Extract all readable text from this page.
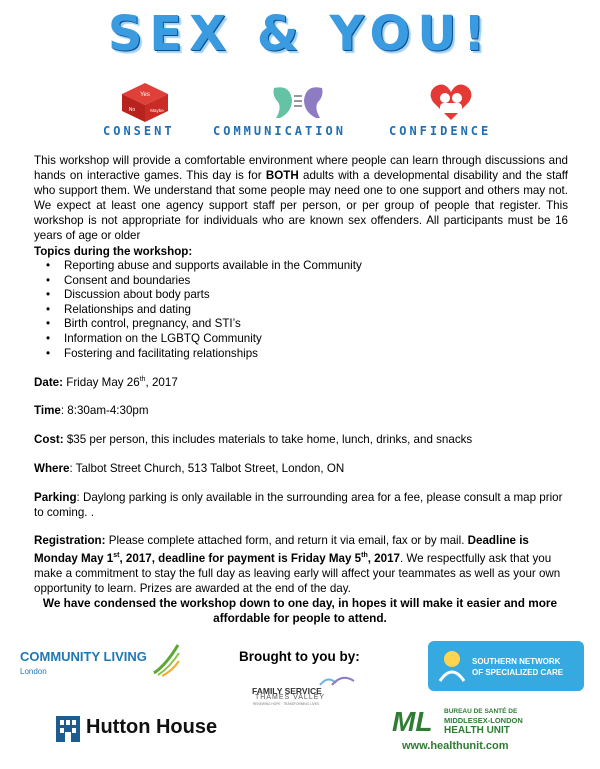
SEX & YOU!
Yes
No	Maybe
CONSENT	COMMUNICATION	CONFIDENCE
This workshop will provide a comfortable environment where people can learn through discussions and hands on interactive games. This day is for BOTH adults with a developmental disability and the staff who support them. We understand that some people may need one to one support and others may not. We expect at least one agency support staff per person, or per group of people that register. This workshop is not appropriate for individuals who are known sex offenders. All participants must be 16 years of age or older
Topics during the workshop:
• Reporting abuse and supports available in the Community
• Consent and boundaries
• Discussion about body parts
• Relationships and dating
• Birth control, pregnancy, and STI’s
• Information on the LGBTQ Community
• Fostering and facilitating relationships
Date: Friday May 26th, 2017
Time: 8:30am-4:30pm
Cost: $35 per person, this includes materials to take home, lunch, drinks, and snacks
Where: Talbot Street Church, 513 Talbot Street, London, ON
Parking: Daylong parking is only available in the surrounding area for a fee, please consult a map prior to coming. .
Registration: Please complete attached form, and return it via email, fax or by mail. Deadline is Monday May 1st, 2017, deadline for payment is Friday May 5th, 2017. We respectfully ask that you make a commitment to stay the full day as leaving early will affect your teammates as well as your own opportunity to learn. Prizes are awarded at the end of the day.
We have condensed the workshop down to one day, in hopes it will make it easier and more affordable for people to attend.
Brought to you by:
COMMUNITY LIVING
London
FAMILY SERVICE
THAMES VALLEY
RENEWING HOPE · TRANSFORMING LIVES
SOUTHERN NETWORK
OF SPECIALIZED CARE
Hutton House	ML BUREAU DE SANTÉ DE
MIDDLESEX-LONDON
HEALTH UNIT
www.healthunit.com
